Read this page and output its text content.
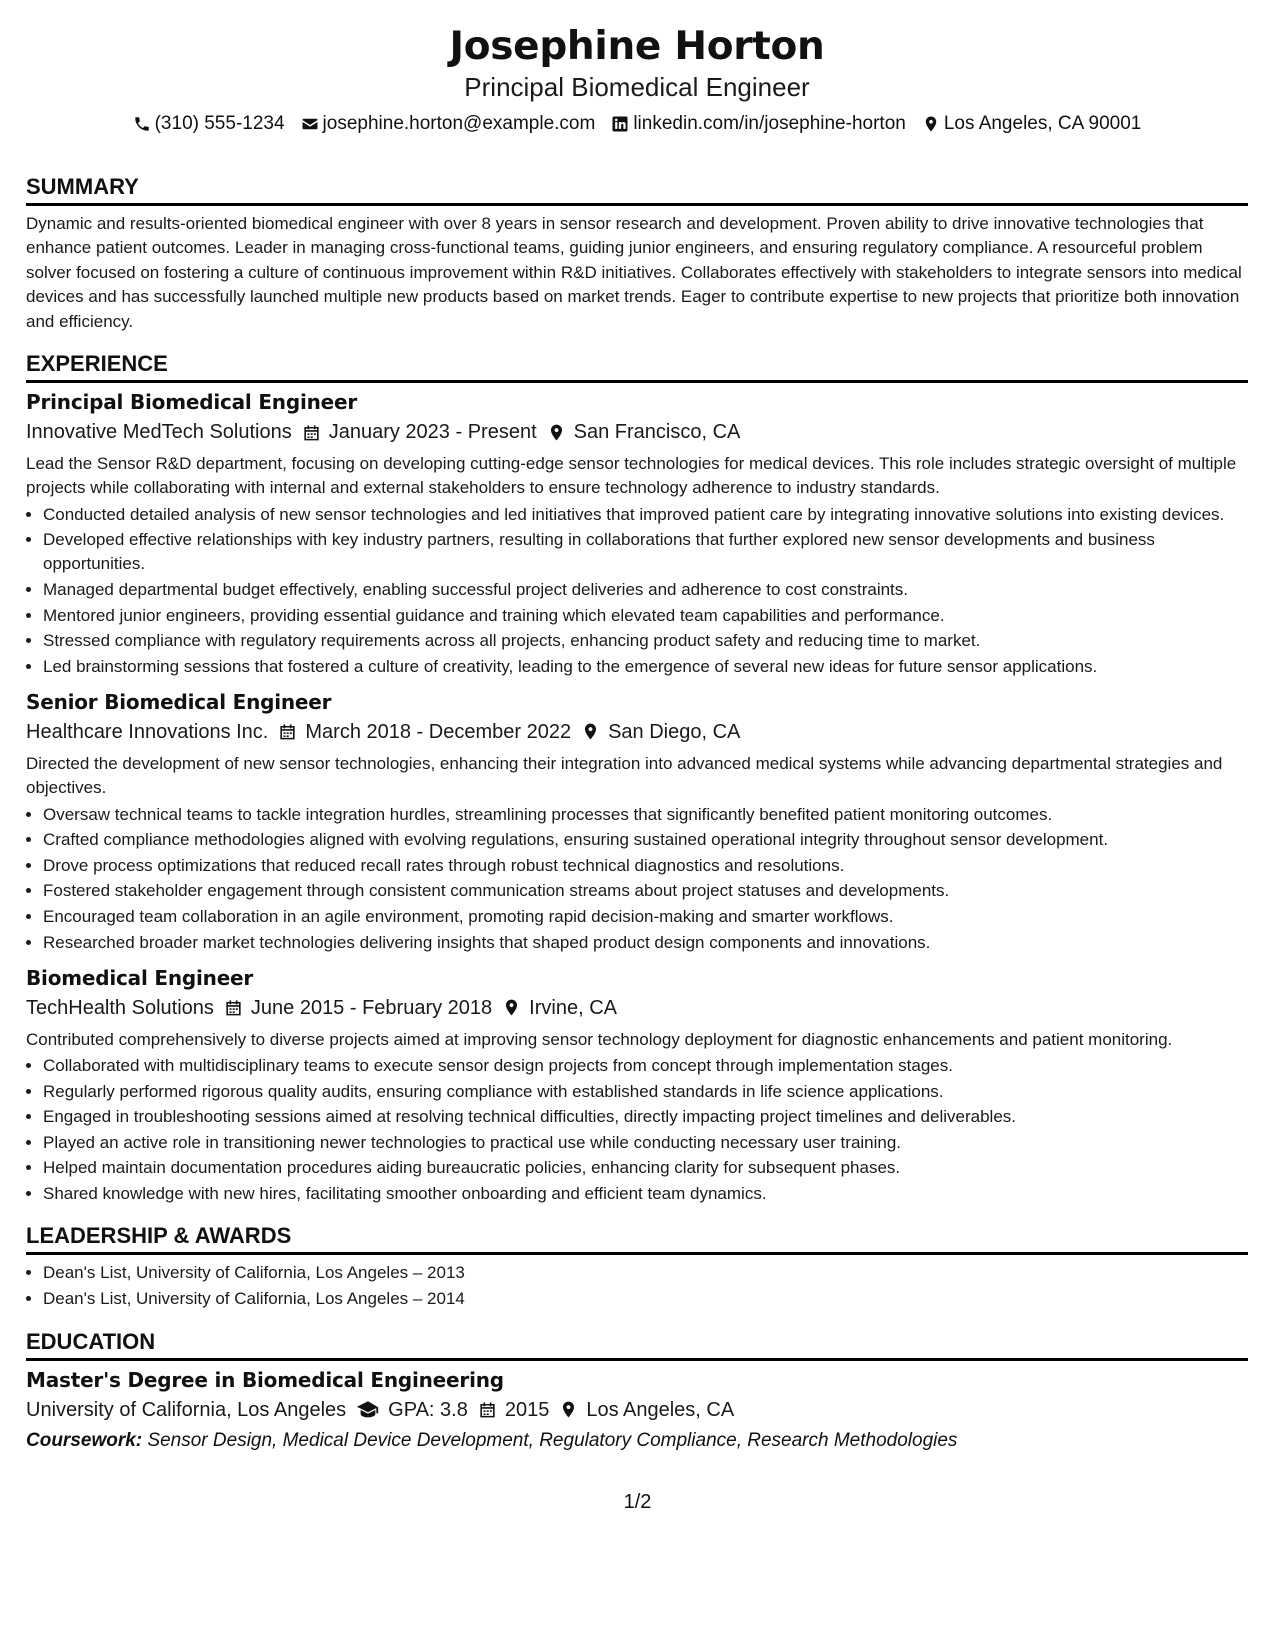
Josephine Horton
Principal Biomedical Engineer
(310) 555-1234 josephine.horton@example.com linkedin.com/in/josephine-horton Los Angeles, CA 90001
SUMMARY

Dynamic and results-oriented biomedical engineer with over 8 years in sensor research and development. Proven ability to drive innovative technologies that enhance patient outcomes. Leader in managing cross-functional teams, guiding junior engineers, and ensuring regulatory compliance. A resourceful problem solver focused on fostering a culture of continuous improvement within R&D initiatives. Collaborates effectively with stakeholders to integrate sensors into medical devices and has successfully launched multiple new products based on market trends. Eager to contribute expertise to new projects that prioritize both innovation and efficiency.

EXPERIENCE
Principal Biomedical Engineer
Innovative MedTech Solutions January 2023 - Present San Francisco, CA

Lead the Sensor R&D department, focusing on developing cutting-edge sensor technologies for medical devices. This role includes strategic oversight of multiple projects while collaborating with internal and external stakeholders to ensure technology adherence to industry standards.

• Conducted detailed analysis of new sensor technologies and led initiatives that improved patient care by integrating innovative solutions into existing devices.
• Developed effective relationships with key industry partners, resulting in collaborations that further explored new sensor developments and business opportunities.
• Managed departmental budget effectively, enabling successful project deliveries and adherence to cost constraints.
• Mentored junior engineers, providing essential guidance and training which elevated team capabilities and performance.
• Stressed compliance with regulatory requirements across all projects, enhancing product safety and reducing time to market.
• Led brainstorming sessions that fostered a culture of creativity, leading to the emergence of several new ideas for future sensor applications.
Senior Biomedical Engineer
Healthcare Innovations Inc. March 2018 - December 2022 San Diego, CA

Directed the development of new sensor technologies, enhancing their integration into advanced medical systems while advancing departmental strategies and objectives.

• Oversaw technical teams to tackle integration hurdles, streamlining processes that significantly benefited patient monitoring outcomes.
• Crafted compliance methodologies aligned with evolving regulations, ensuring sustained operational integrity throughout sensor development.
• Drove process optimizations that reduced recall rates through robust technical diagnostics and resolutions.
• Fostered stakeholder engagement through consistent communication streams about project statuses and developments.
• Encouraged team collaboration in an agile environment, promoting rapid decision-making and smarter workflows.
• Researched broader market technologies delivering insights that shaped product design components and innovations.
Biomedical Engineer
TechHealth Solutions June 2015 - February 2018 Irvine, CA

Contributed comprehensively to diverse projects aimed at improving sensor technology deployment for diagnostic enhancements and patient monitoring.

• Collaborated with multidisciplinary teams to execute sensor design projects from concept through implementation stages.
• Regularly performed rigorous quality audits, ensuring compliance with established standards in life science applications.
• Engaged in troubleshooting sessions aimed at resolving technical difficulties, directly impacting project timelines and deliverables.
• Played an active role in transitioning newer technologies to practical use while conducting necessary user training.
• Helped maintain documentation procedures aiding bureaucratic policies, enhancing clarity for subsequent phases.
• Shared knowledge with new hires, facilitating smoother onboarding and efficient team dynamics.
LEADERSHIP & AWARDS
• Dean's List, University of California, Los Angeles – 2013
• Dean's List, University of California, Los Angeles – 2014
EDUCATION
Master's Degree in Biomedical Engineering
University of California, Los Angeles GPA: 3.8 2015 Los Angeles, CA
Coursework: Sensor Design, Medical Device Development, Regulatory Compliance, Research Methodologies
1/2
